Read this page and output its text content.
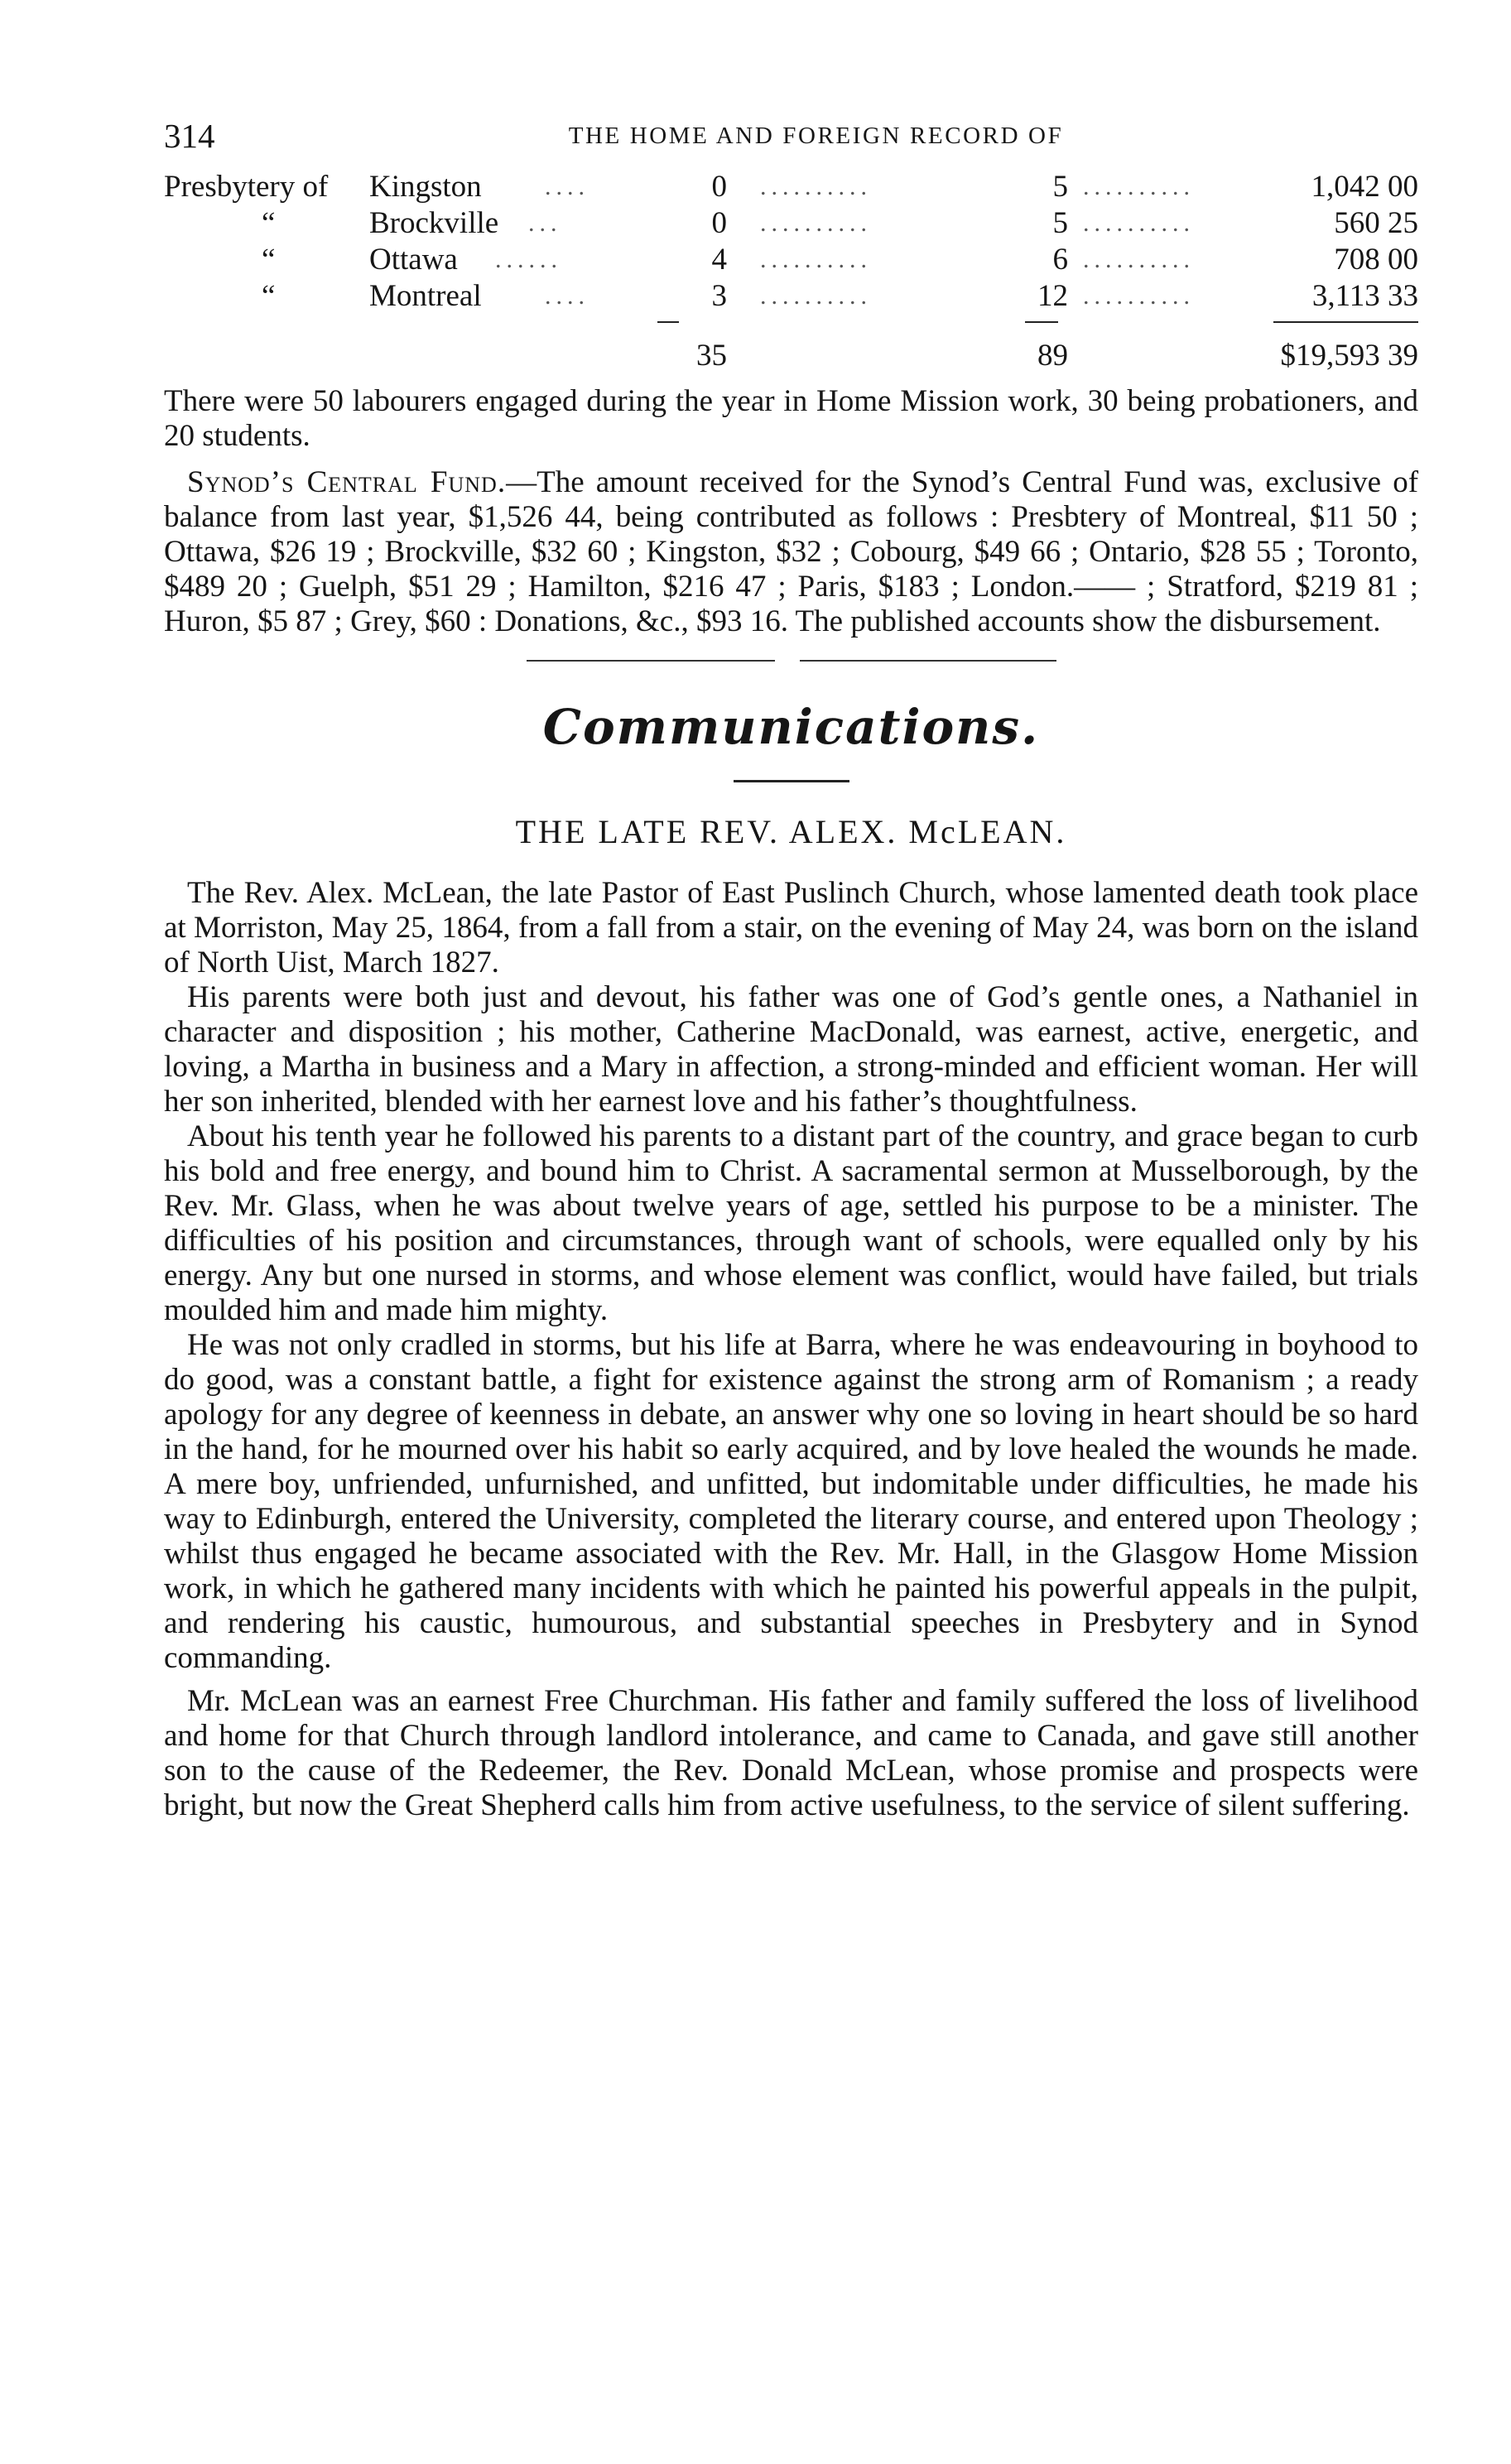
314	THE HOME AND FOREIGN RECORD OF
Presbytery of Kingston	....	0 ..........	5 ..........	1,042 00
“	Brockville ...	0 ..........	5 ..........	560 25
“	Ottawa ......	4 ..........	6 ..........	708 00
“	Montreal	....	3 ..........	12 ..........	3,113 33
35	89	$19,593 39

There were 50 labourers engaged during the year in Home Mission work, 30 being probationers, and 20 students.

Synod’s Central Fund.—The amount received for the Synod’s Central Fund was, exclusive of balance from last year, $1,526 44, being contributed as follows : Presbtery of Montreal, $11 50 ; Ottawa, $26 19 ; Brockville, $32 60 ; Kingston, $32 ; Cobourg, $49 66 ; Ontario, $28 55 ; Toronto, $489 20 ; Guelph, $51 29 ; Hamilton, $216 47 ; Paris, $183 ; London.—— ; Stratford, $219 81 ; Huron, $5 87 ; Grey, $60 : Donations, &c., $93 16. The published accounts show the disbursement.

Communications.
THE LATE REV. ALEX. McLEAN.

The Rev. Alex. McLean, the late Pastor of East Puslinch Church, whose lamented death took place at Morriston, May 25, 1864, from a fall from a stair, on the evening of May 24, was born on the island of North Uist, March 1827.

His parents were both just and devout, his father was one of God’s gentle ones, a Nathaniel in character and disposition ; his mother, Catherine MacDonald, was earnest, active, energetic, and loving, a Martha in business and a Mary in affection, a strong-minded and efficient woman. Her will her son inherited, blended with her earnest love and his father’s thoughtfulness.

About his tenth year he followed his parents to a distant part of the country, and grace began to curb his bold and free energy, and bound him to Christ. A sacramental sermon at Musselborough, by the Rev. Mr. Glass, when he was about twelve years of age, settled his purpose to be a minister. The difficulties of his position and circumstances, through want of schools, were equalled only by his energy. Any but one nursed in storms, and whose element was conflict, would have failed, but trials moulded him and made him mighty.

He was not only cradled in storms, but his life at Barra, where he was endeavouring in boyhood to do good, was a constant battle, a fight for existence against the strong arm of Romanism ; a ready apology for any degree of keenness in debate, an answer why one so loving in heart should be so hard in the hand, for he mourned over his habit so early acquired, and by love healed the wounds he made. A mere boy, unfriended, unfurnished, and unfitted, but indomitable under difficulties, he made his way to Edinburgh, entered the University, completed the literary course, and entered upon Theology ; whilst thus engaged he became associated with the Rev. Mr. Hall, in the Glasgow Home Mission work, in which he gathered many incidents with which he painted his powerful appeals in the pulpit, and rendering his caustic, humourous, and substantial speeches in Presbytery and in Synod commanding.

Mr. McLean was an earnest Free Churchman. His father and family suffered the loss of livelihood and home for that Church through landlord intolerance, and came to Canada, and gave still another son to the cause of the Redeemer, the Rev. Donald McLean, whose promise and prospects were bright, but now the Great Shepherd calls him from active usefulness, to the service of silent suffering.
